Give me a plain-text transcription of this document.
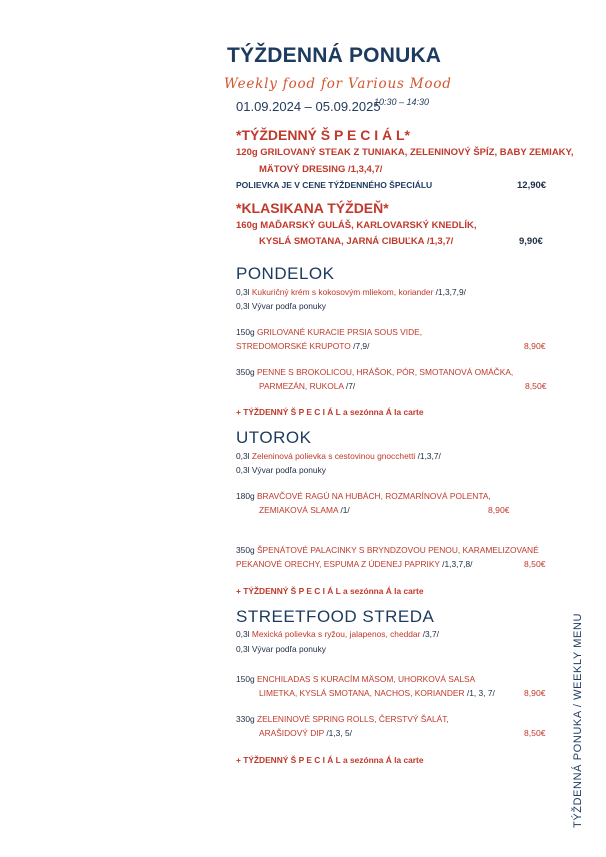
TÝŽDENNÁ PONUKA
Weekly food for Various Mood
01.09.2024 – 05.09.2025
10:30 – 14:30
*TÝŽDENNÝ Š P E C I Á L*
120g GRILOVANÝ STEAK Z TUNIAKA, ZELENINOVÝ ŠPÍZ, BABY ZEMIAKY,
MÄTOVÝ DRESING /1,3,4,7/
POLIEVKA JE V CENE TÝŽDENNÉHO ŠPECIÁLU	12,90€
*KLASIKANA TÝŽDEŇ*
160g MAĎARSKÝ GULÁŠ, KARLOVARSKÝ KNEDLÍK,
KYSLÁ SMOTANA, JARNÁ CIBUĽKA /1,3,7/	9,90€
PONDELOK
0,3l Kukuričný krém s kokosovým mliekom, koriander /1,3,7,9/
0,3l Vývar podľa ponuky
150g GRILOVANÉ KURACIE PRSIA SOUS VIDE,
STREDOMORSKÉ KRUPOTO /7,9/	8,90€
350g PENNE S BROKOLICOU, HRÁŠOK, PÓR, SMOTANOVÁ OMÁČKA,
PARMEZÁN, RUKOLA /7/	8,50€
+ TÝŽDENNÝ Š P E C I Á L a sezónna Á la carte
UTOROK
0,3l Zeleninová polievka s cestovinou gnocchetti /1,3,7/
0,3l Vývar podľa ponuky
180g BRAVČOVÉ RAGÚ NA HUBÁCH, ROZMARÍNOVÁ POLENTA,
ZEMIAKOVÁ SLAMA /1/	8,90€
350g ŠPENÁTOVÉ PALACINKY S BRYNDZOVOU PENOU, KARAMELIZOVANÉ
PEKANOVÉ ORECHY, ESPUMA Z ÚDENEJ PAPRIKY /1,3,7,8/	8,50€
+ TÝŽDENNÝ Š P E C I Á L a sezónna Á la carte
STREETFOOD STREDA
0,3l Mexická polievka s ryžou, jalapenos, cheddar /3,7/
0,3l Vývar podľa ponuky
150g ENCHILADAS S KURACÍM MÄSOM, UHORKOVÁ SALSA
LIMETKA, KYSLÁ SMOTANA, NACHOS, KORIANDER /1, 3, 7/	8,90€
330g ZELENINOVÉ SPRING ROLLS, ČERSTVÝ ŠALÁT,
ARAŠIDOVÝ DIP /1,3, 5/	8,50€
+ TÝŽDENNÝ Š P E C I Á L a sezónna Á la carte	TÝŽDENNÁ PONUKA / WEEKLY MENU
